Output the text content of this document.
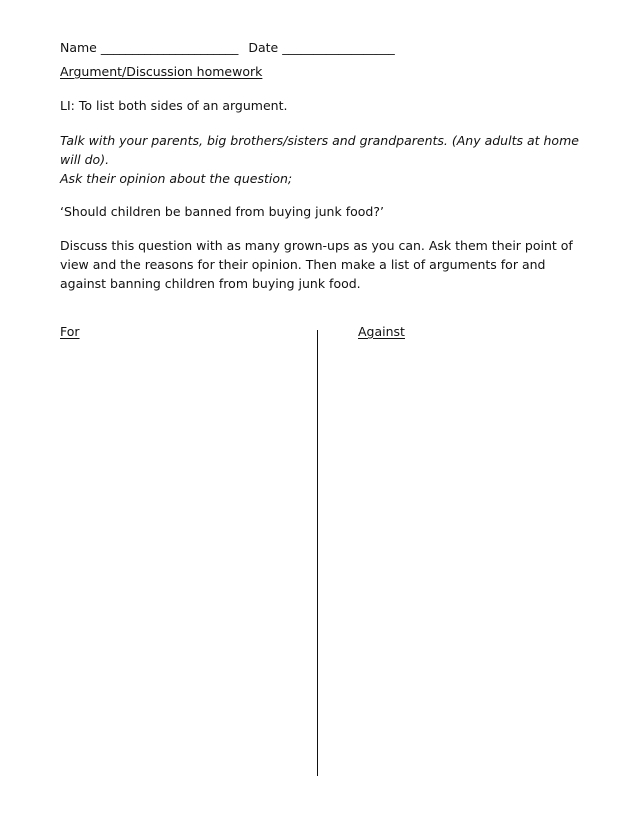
Name ______________________ Date __________________
Argument/Discussion homework
LI: To list both sides of an argument.
Talk with your parents, big brothers/sisters and grandparents. (Any adults at home will do).
Ask their opinion about the question;
‘Should children be banned from buying junk food?’
Discuss this question with as many grown-ups as you can. Ask them their point of view and the reasons for their opinion. Then make a list of arguments for and against banning children from buying junk food.
For	Against
